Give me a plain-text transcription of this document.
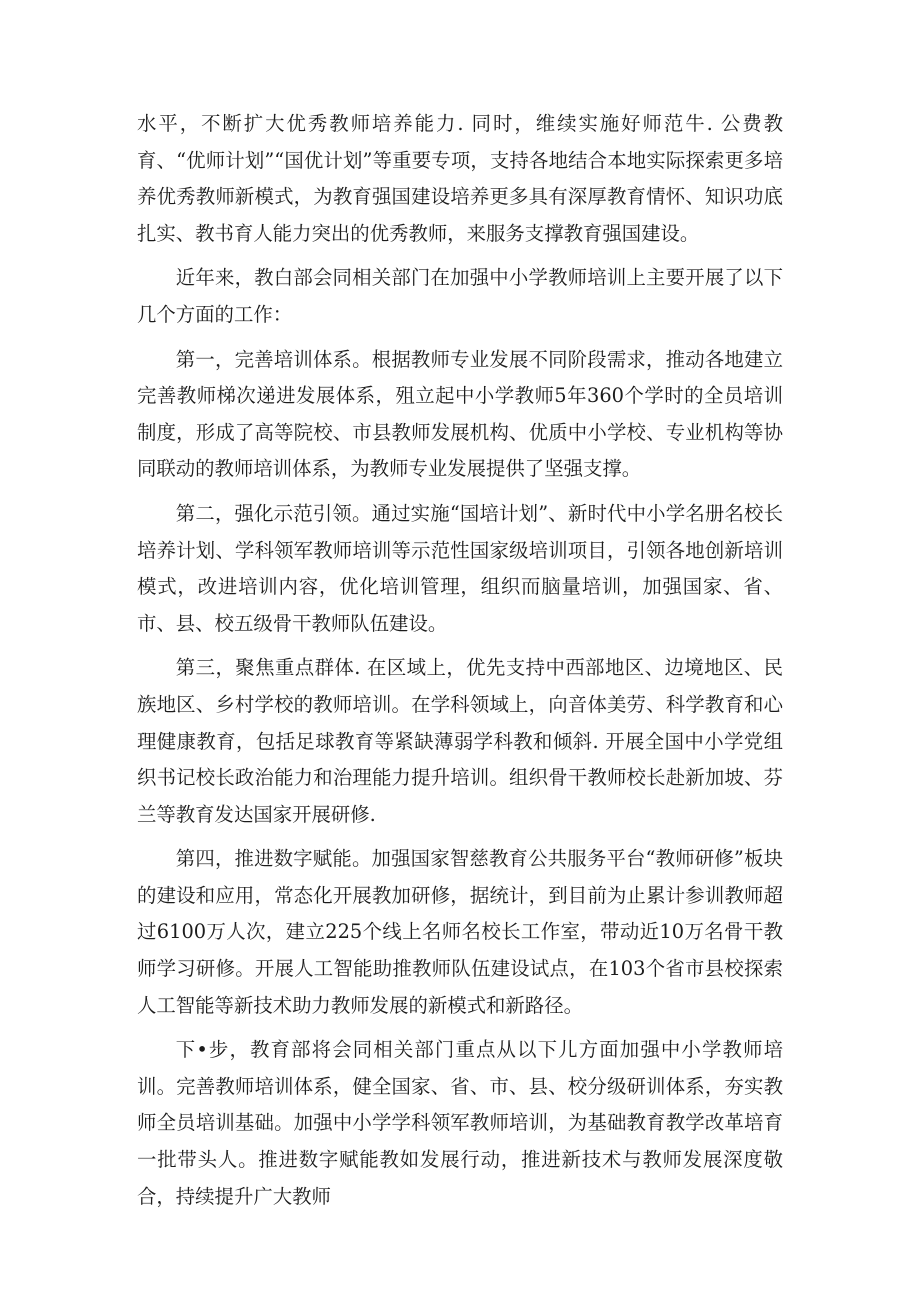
水平，不断扩大优秀教师培养能力. 同时，维续实施好师范牛. 公费教育、“优师计划”“国优计划”等重要专项，支持各地结合本地实际探索更多培养优秀教师新模式，为教育强国建设培养更多具有深厚教育情怀、知识功底扎实、教书育人能力突出的优秀教师，来服务支撑教育强国建设。

近年来，教白部会同相关部门在加强中小学教师培训上主要开展了以下几个方面的工作：

第一，完善培训体系。根据教师专业发展不同阶段需求，推动各地建立完善教师梯次递进发展体系，殂立起中小学教师5年360个学时的全员培训制度，形成了高等院校、市县教师发展机构、优质中小学校、专业机构等协同联动的教师培训体系，为教师专业发展提供了坚强支撑。

第二，强化示范引领。通过实施“国培计划”、新时代中小学名册名校长培养计划、学科领军教师培训等示范性国家级培训项目，引领各地创新培训模式，改进培训内容，优化培训管理，组织而脑量培训，加强国家、省、市、县、校五级骨干教师队伍建设。

第三，聚焦重点群体. 在区域上，优先支持中西部地区、边境地区、民族地区、乡村学校的教师培训。在学科领域上，向音体美劳、科学教育和心理健康教育，包括足球教育等紧缺薄弱学科教和倾斜. 开展全国中小学党组织书记校长政治能力和治理能力提升培训。组织骨干教师校长赴新加坡、芬兰等教育发达国家开展研修.

第四，推进数字赋能。加强国家智慈教育公共服务平台“教师研修”板块的建设和应用，常态化开展教加研修，据统计，到目前为止累计参训教师超过6100万人次，建立225个线上名师名校长工作室，带动近10万名骨干教师学习研修。开展人工智能助推教师队伍建设试点，在103个省市县校探索人工智能等新技术助力教师发展的新模式和新路径。

下•步，教育部将会同相关部门重点从以下儿方面加强中小学教师培训。完善教师培训体系，健全国家、省、市、县、校分级研训体系，夯实教师全员培训基础。加强中小学学科领军教师培训，为基础教育教学改革培育一批带头人。推进数字赋能教如发展行动，推进新技术与教师发展深度敬合，持续提升广大教师
